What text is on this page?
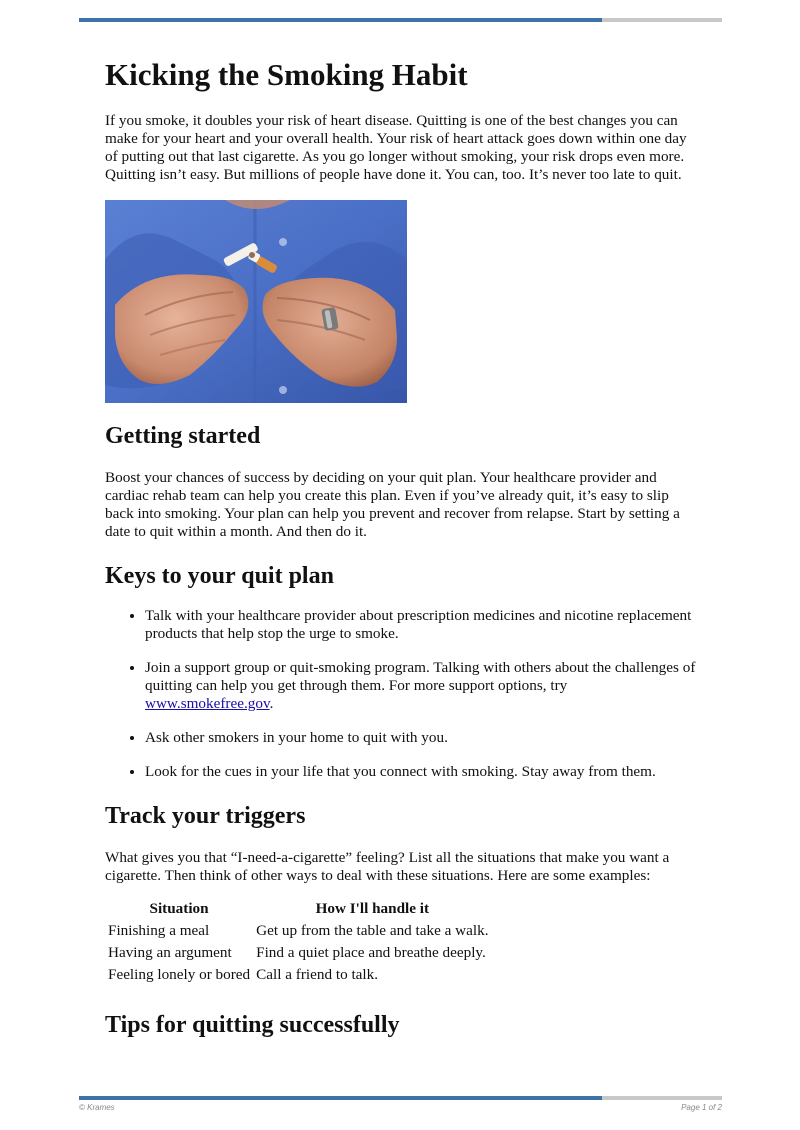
Kicking the Smoking Habit

If you smoke, it doubles your risk of heart disease. Quitting is one of the best changes you can make for your heart and your overall health. Your risk of heart attack goes down within one day of putting out that last cigarette. As you go longer without smoking, your risk drops even more. Quitting isn’t easy. But millions of people have done it. You can, too. It’s never too late to quit.

Getting started

Boost your chances of success by deciding on your quit plan. Your healthcare provider and cardiac rehab team can help you create this plan. Even if you’ve already quit, it’s easy to slip back into smoking. Your plan can help you prevent and recover from relapse. Start by setting a date to quit within a month. And then do it.

Keys to your quit plan
• Talk with your healthcare provider about prescription medicines and nicotine replacement products that help stop the urge to smoke.
• Join a support group or quit-smoking program. Talking with others about the challenges of quitting can help you get through them. For more support options, try www.smokefree.gov.
• Ask other smokers in your home to quit with you.
• Look for the cues in your life that you connect with smoking. Stay away from them.
Track your triggers

What gives you that “I-need-a-cigarette” feeling? List all the situations that make you want a cigarette. Then think of other ways to deal with these situations. Here are some examples:

Situation	How I'll handle it
Finishing a meal	Get up from the table and take a walk.
Having an argument	Find a quiet place and breathe deeply.
Feeling lonely or bored	Call a friend to talk.
Tips for quitting successfully
© Krames	Page 1 of 2
